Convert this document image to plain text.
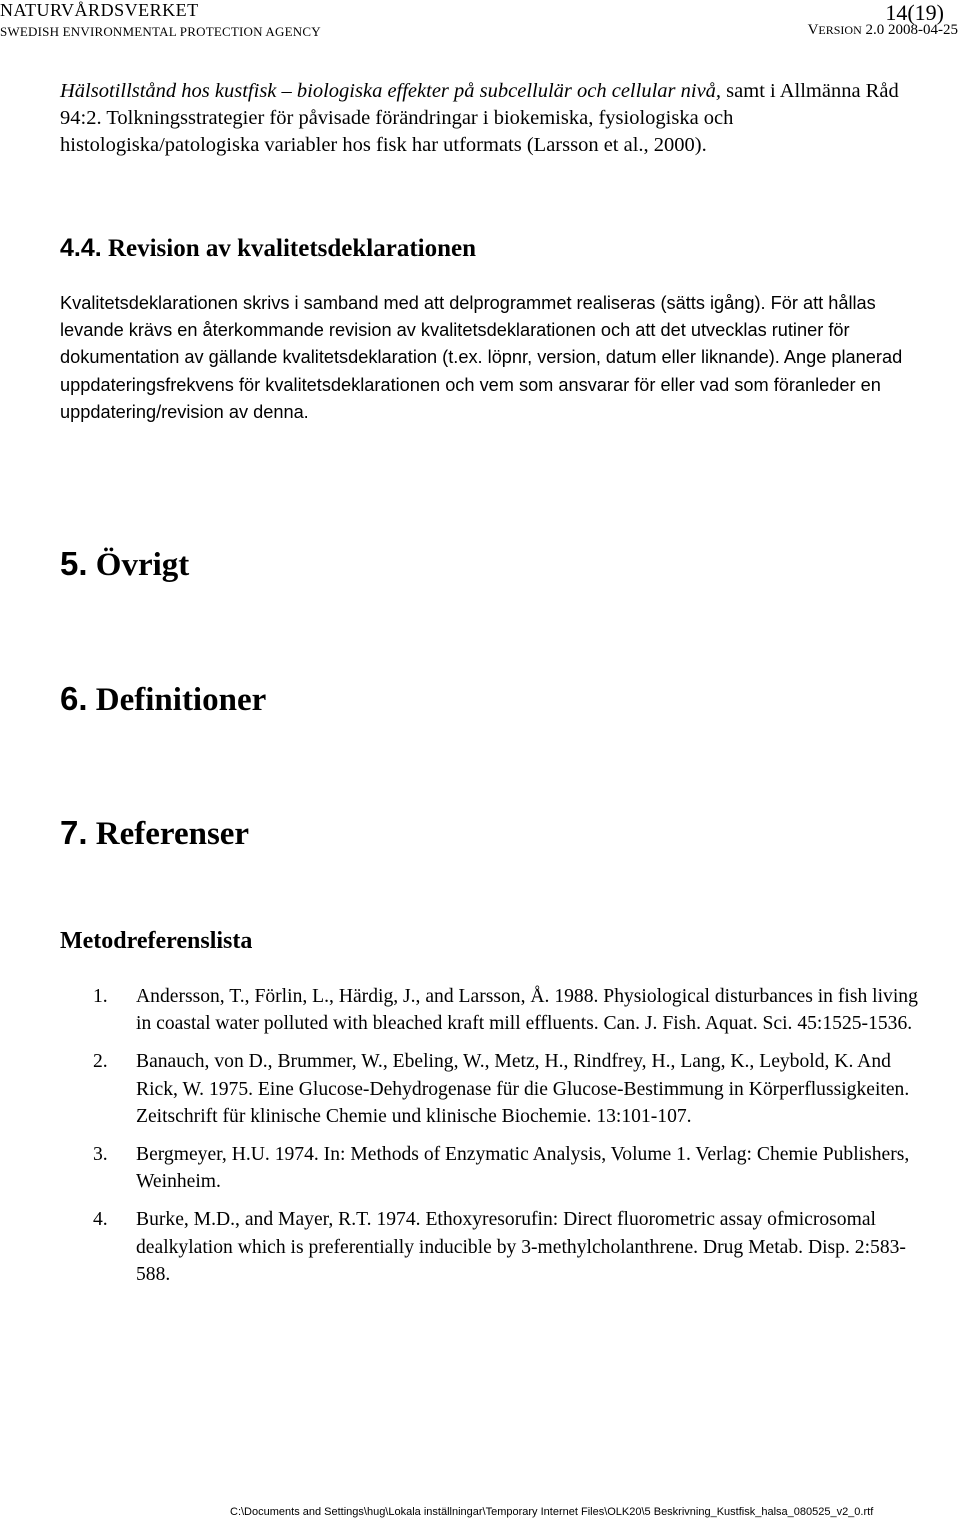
NATURVÅRDSVERKET	14(19)
SWEDISH ENVIRONMENTAL PROTECTION AGENCY	VERSION 2.0 2008-04-25
Hälsotillstånd hos kustfisk – biologiska effekter på subcellulär och cellular nivå, samt i Allmänna Råd 94:2. Tolkningsstrategier för påvisade förändringar i biokemiska, fysiologiska och histologiska/patologiska variabler hos fisk har utformats (Larsson et al., 2000).
4.4. Revision av kvalitetsdeklarationen
Kvalitetsdeklarationen skrivs i samband med att delprogrammet realiseras (sätts igång). För att hållas levande krävs en återkommande revision av kvalitetsdeklarationen och att det utvecklas rutiner för dokumentation av gällande kvalitetsdeklaration (t.ex. löpnr, version, datum eller liknande). Ange planerad uppdateringsfrekvens för kvalitetsdeklarationen och vem som ansvarar för eller vad som föranleder en uppdatering/revision av denna.
5. Övrigt
6. Definitioner
7. Referenser
Metodreferenslista
1. Andersson, T., Förlin, L., Härdig, J., and Larsson, Å. 1988. Physiological disturbances in fish living in coastal water polluted with bleached kraft mill effluents. Can. J. Fish. Aquat. Sci. 45:1525-1536.
2. Banauch, von D., Brummer, W., Ebeling, W., Metz, H., Rindfrey, H., Lang, K., Leybold, K. And Rick, W. 1975. Eine Glucose-Dehydrogenase für die Glucose-Bestimmung in Körperflussigkeiten. Zeitschrift für klinische Chemie und klinische Biochemie. 13:101-107.
3. Bergmeyer, H.U. 1974. In: Methods of Enzymatic Analysis, Volume 1. Verlag: Chemie Publishers, Weinheim.
4. Burke, M.D., and Mayer, R.T. 1974. Ethoxyresorufin: Direct fluorometric assay ofmicrosomal dealkylation which is preferentially inducible by 3-methylcholanthrene. Drug Metab. Disp. 2:583-588.
C:\Documents and Settings\hug\Lokala inställningar\Temporary Internet Files\OLK20\5 Beskrivning_Kustfisk_halsa_080525_v2_0.rtf
